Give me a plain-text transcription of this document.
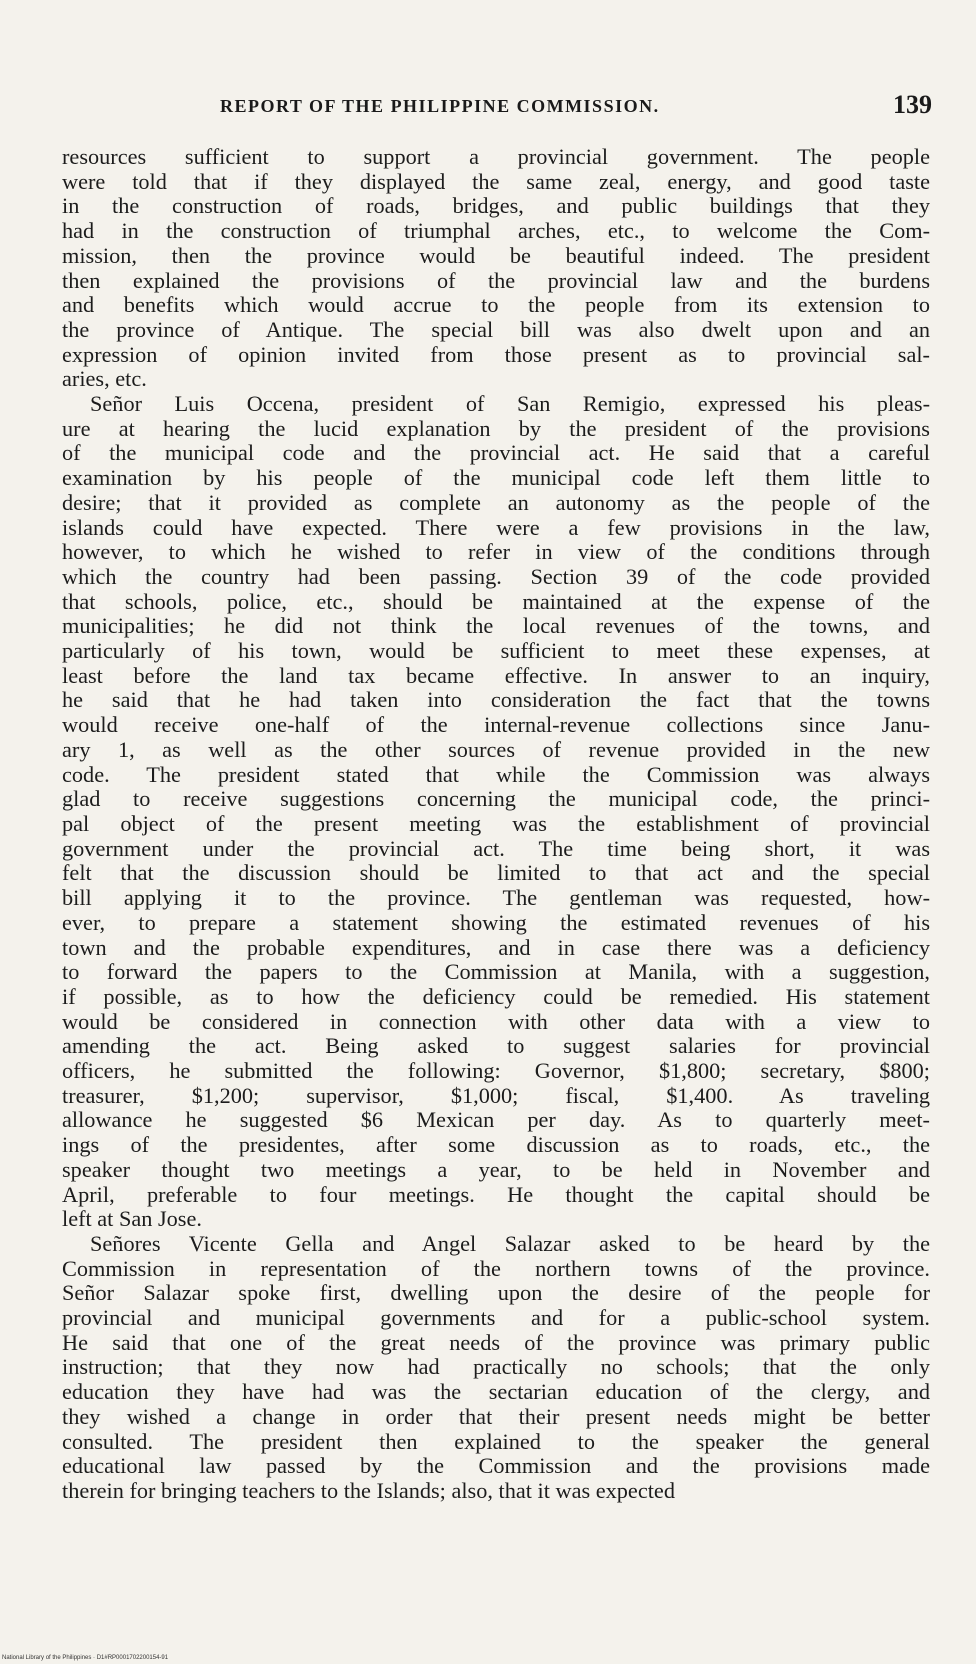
REPORT OF THE PHILIPPINE COMMISSION.	139
resources sufficient to support a provincial government. The people
were told that if they displayed the same zeal, energy, and good taste
in the construction of roads, bridges, and public buildings that they
had in the construction of triumphal arches, etc., to welcome the Com-
mission, then the province would be beautiful indeed. The president
then explained the provisions of the provincial law and the burdens
and benefits which would accrue to the people from its extension to
the province of Antique. The special bill was also dwelt upon and an
expression of opinion invited from those present as to provincial sal-
aries, etc.
Señor Luis Occena, president of San Remigio, expressed his pleas-
ure at hearing the lucid explanation by the president of the provisions
of the municipal code and the provincial act. He said that a careful
examination by his people of the municipal code left them little to
desire; that it provided as complete an autonomy as the people of the
islands could have expected. There were a few provisions in the law,
however, to which he wished to refer in view of the conditions through
which the country had been passing. Section 39 of the code provided
that schools, police, etc., should be maintained at the expense of the
municipalities; he did not think the local revenues of the towns, and
particularly of his town, would be sufficient to meet these expenses, at
least before the land tax became effective. In answer to an inquiry,
he said that he had taken into consideration the fact that the towns
would receive one-half of the internal-revenue collections since Janu-
ary 1, as well as the other sources of revenue provided in the new
code. The president stated that while the Commission was always
glad to receive suggestions concerning the municipal code, the princi-
pal object of the present meeting was the establishment of provincial
government under the provincial act. The time being short, it was
felt that the discussion should be limited to that act and the special
bill applying it to the province. The gentleman was requested, how-
ever, to prepare a statement showing the estimated revenues of his
town and the probable expenditures, and in case there was a deficiency
to forward the papers to the Commission at Manila, with a suggestion,
if possible, as to how the deficiency could be remedied. His statement
would be considered in connection with other data with a view to
amending the act. Being asked to suggest salaries for provincial
officers, he submitted the following: Governor, $1,800; secretary, $800;
treasurer, $1,200; supervisor, $1,000; fiscal, $1,400. As traveling
allowance he suggested $6 Mexican per day. As to quarterly meet-
ings of the presidentes, after some discussion as to roads, etc., the
speaker thought two meetings a year, to be held in November and
April, preferable to four meetings. He thought the capital should be
left at San Jose.
Señores Vicente Gella and Angel Salazar asked to be heard by the
Commission in representation of the northern towns of the province.
Señor Salazar spoke first, dwelling upon the desire of the people for
provincial and municipal governments and for a public-school system.
He said that one of the great needs of the province was primary public
instruction; that they now had practically no schools; that the only
education they have had was the sectarian education of the clergy, and
they wished a change in order that their present needs might be better
consulted. The president then explained to the speaker the general
educational law passed by the Commission and the provisions made
therein for bringing teachers to the Islands; also, that it was expected
National Library of the Philippines · D1#RP0001702200154-91
